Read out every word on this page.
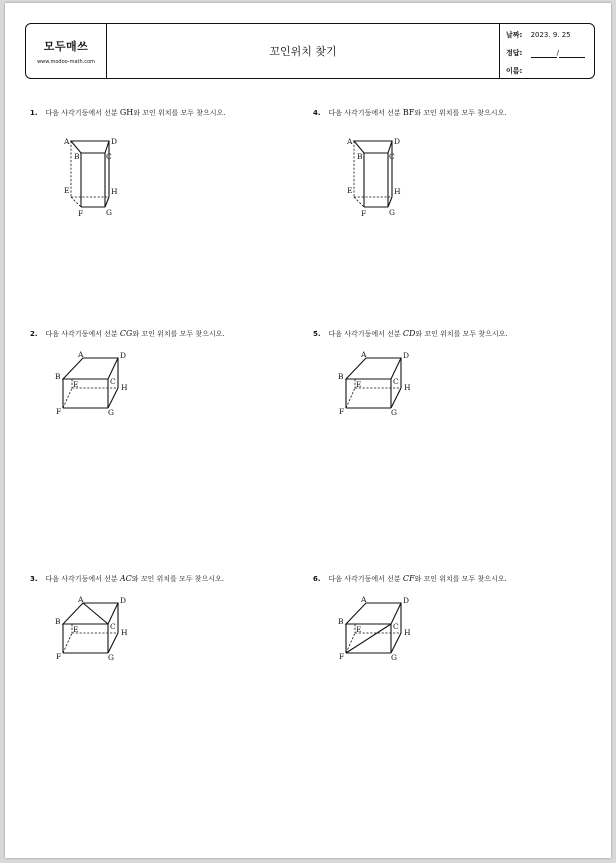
모두매쓰
www.modoo-math.com
꼬인위치 찾기
날짜: 2023. 9. 25
정답:	/
이름:
1. 다음 사각기둥에서 선분 GH와 꼬인 위치를 모두 찾으시오.	4. 다음 사각기둥에서 선분 BF와 꼬인 위치를 모두 찾으시오.
2. 다음 사각기둥에서 선분 CG와 꼬인 위치를 모두 찾으시오.	5. 다음 사각기둥에서 선분 CD와 꼬인 위치를 모두 찾으시오.
3. 다음 사각기둥에서 선분 AC와 꼬인 위치를 모두 찾으시오.	6. 다음 사각기둥에서 선분 CF와 꼬인 위치를 모두 찾으시오.
A
B	C
D
E
F	G
H
A
B	C
D
E
F	G
H
A
B
C
D
E
F	G
H
A
B
C
D
E
F	G
H
A
B
C
D
E
F	G
H
A
B
C
D
E
F	G
H
